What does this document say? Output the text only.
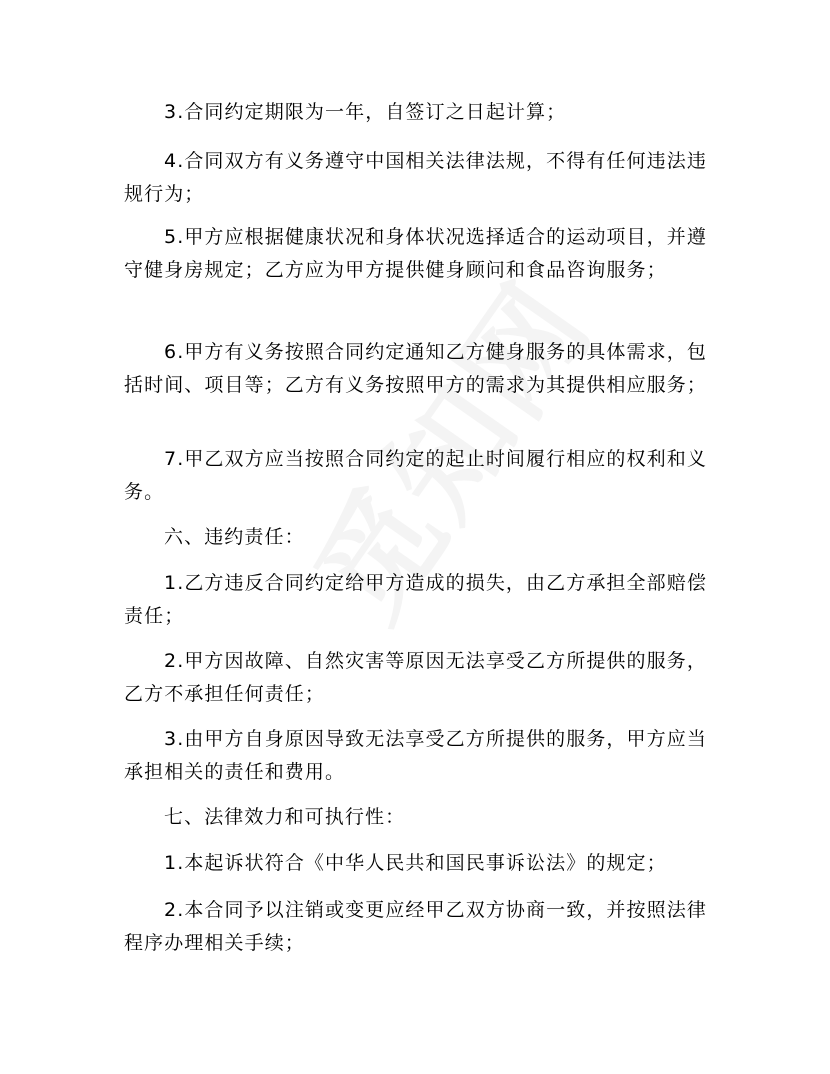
3.合同约定期限为一年，自签订之日起计算；

4.合同双方有义务遵守中国相关法律法规，不得有任何违法违规行为；

5.甲方应根据健康状况和身体状况选择适合的运动项目，并遵守健身房规定；乙方应为甲方提供健身顾问和食品咨询服务；

6.甲方有义务按照合同约定通知乙方健身服务的具体需求，包括时间、项目等；乙方有义务按照甲方的需求为其提供相应服务；

7.甲乙双方应当按照合同约定的起止时间履行相应的权利和义务。

六、违约责任：

1.乙方违反合同约定给甲方造成的损失，由乙方承担全部赔偿责任；

2.甲方因故障、自然灾害等原因无法享受乙方所提供的服务，乙方不承担任何责任；

3.由甲方自身原因导致无法享受乙方所提供的服务，甲方应当承担相关的责任和费用。

七、法律效力和可执行性：

1.本起诉状符合《中华人民共和国民事诉讼法》的规定；

2.本合同予以注销或变更应经甲乙双方协商一致，并按照法律程序办理相关手续；
